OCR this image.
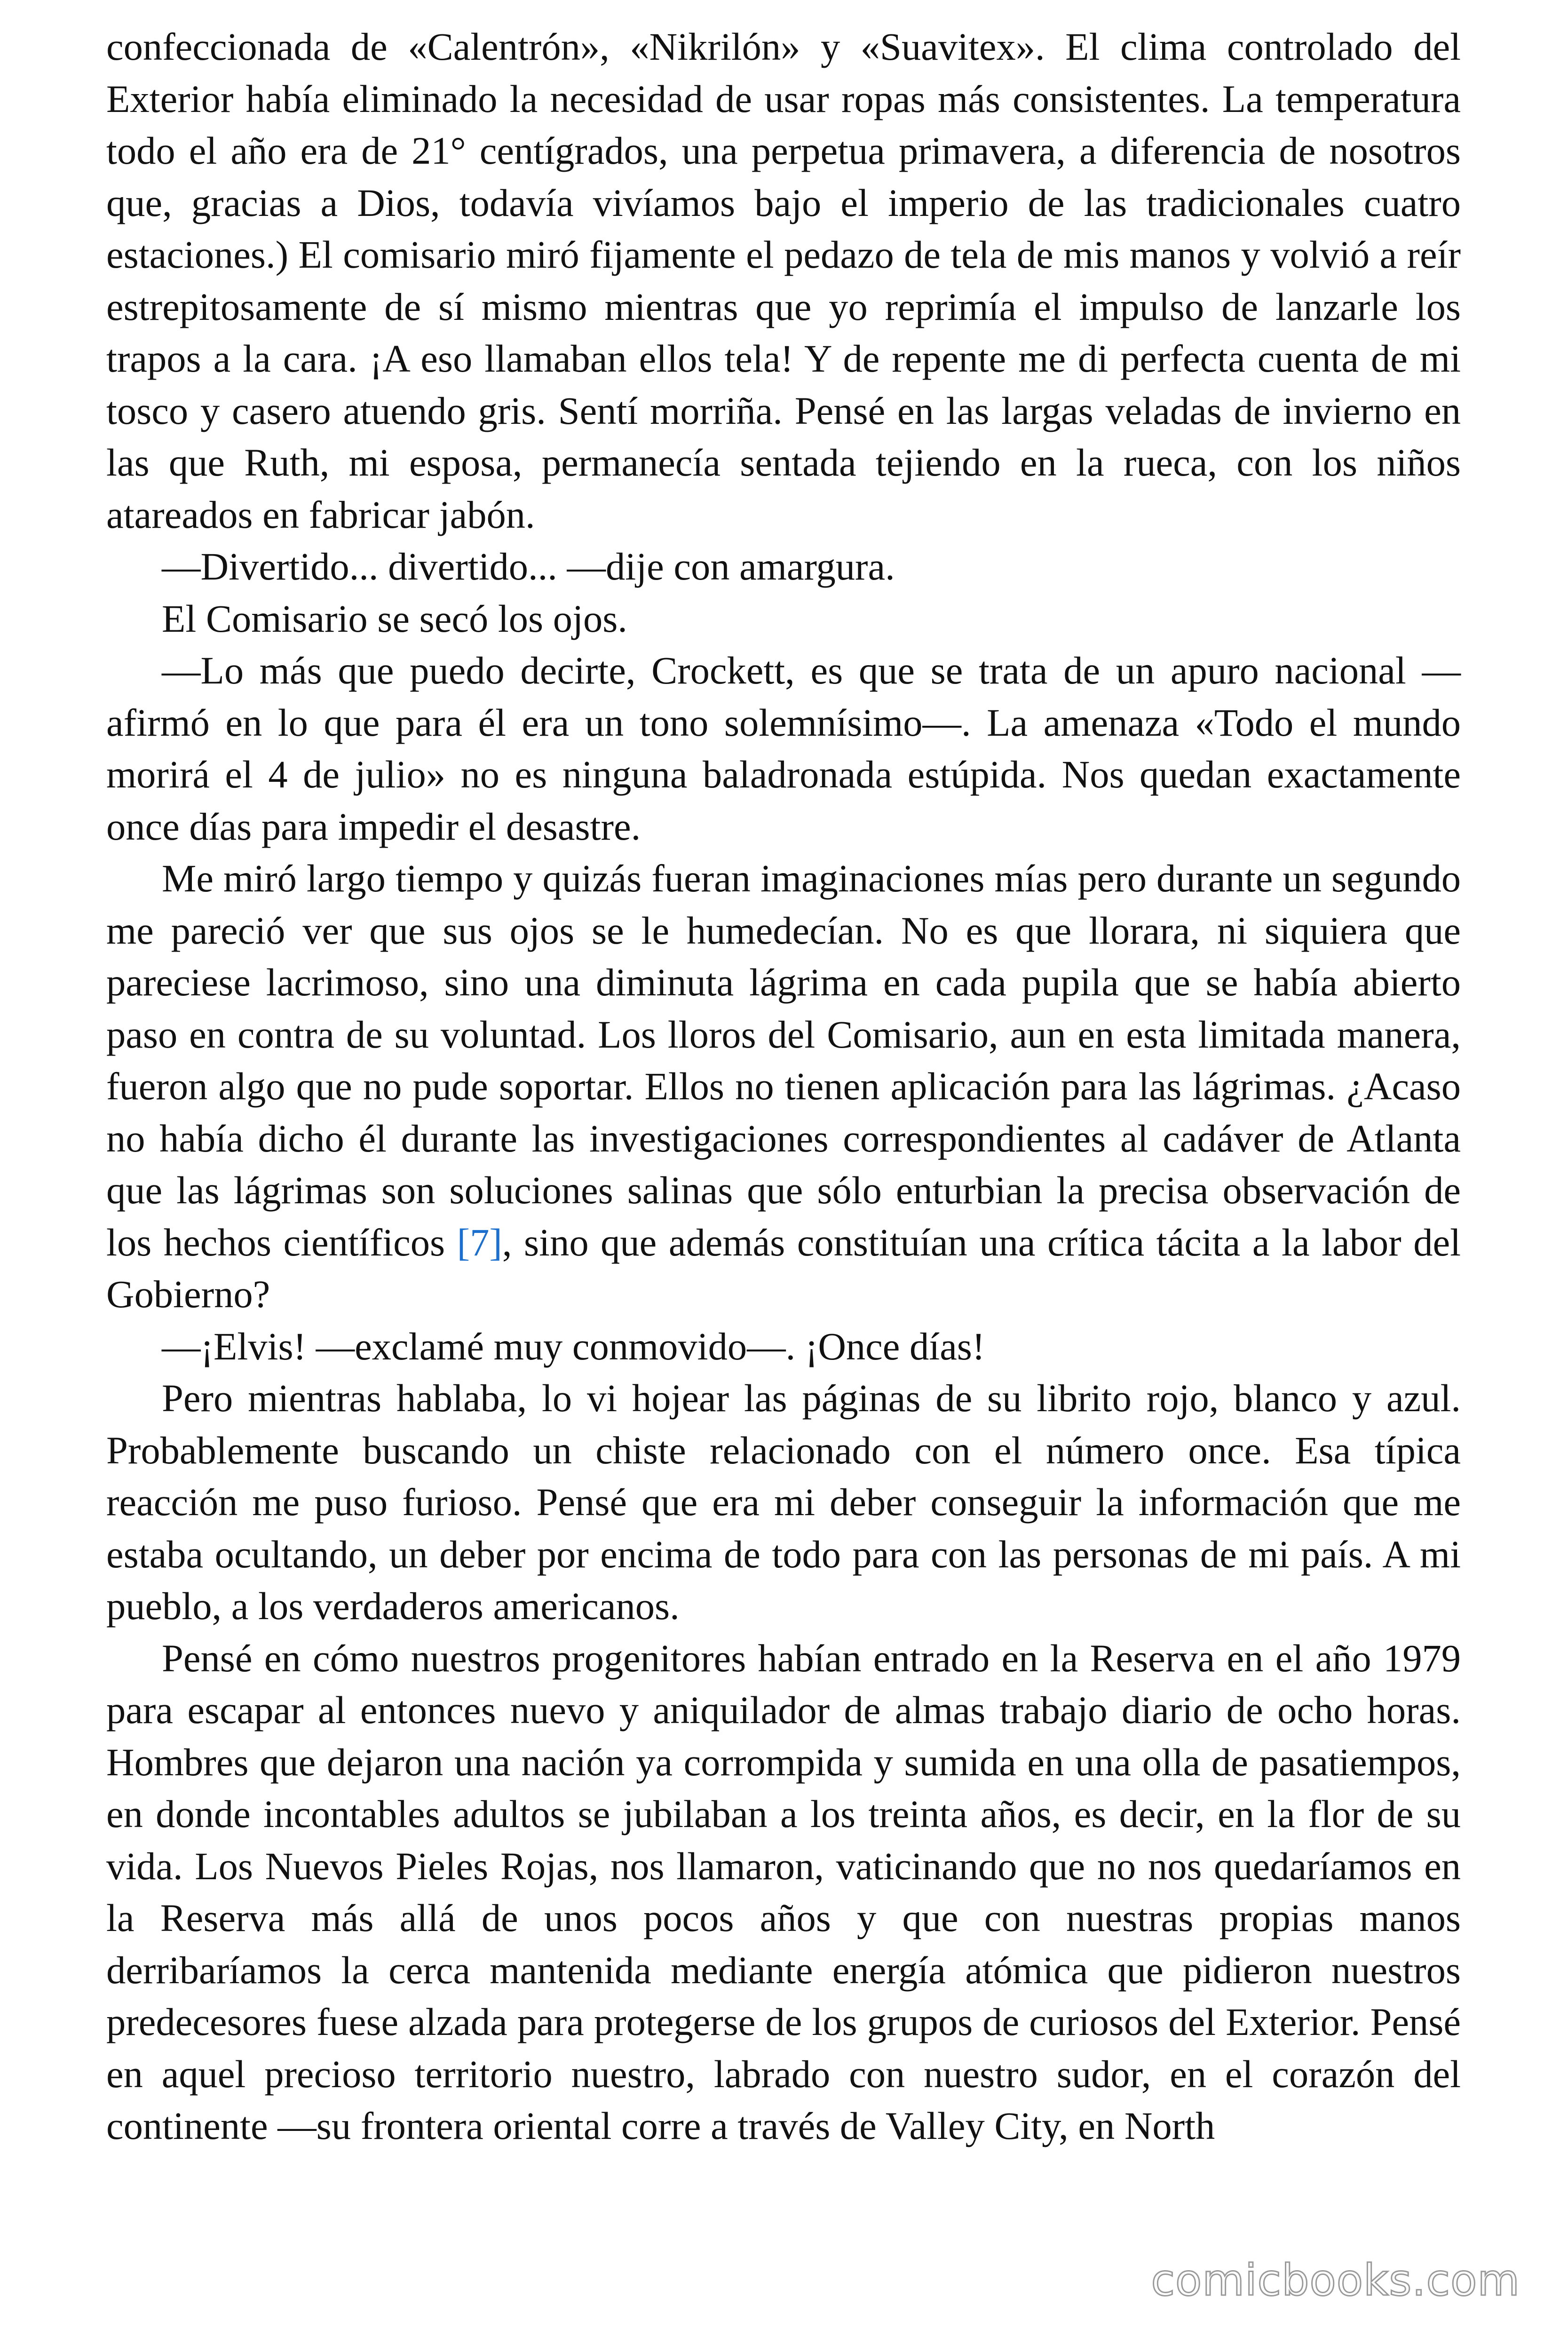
confeccionada de «Calentrón», «Nikrilón» y «Suavitex». El clima controlado del Exterior había eliminado la necesidad de usar ropas más consistentes. La temperatura todo el año era de 21° centígrados, una perpetua primavera, a diferencia de nosotros que, gracias a Dios, todavía vivíamos bajo el imperio de las tradicionales cuatro estaciones.) El comisario miró fijamente el pedazo de tela de mis manos y volvió a reír estrepitosamente de sí mismo mientras que yo reprimía el impulso de lanzarle los trapos a la cara. ¡A eso llamaban ellos tela! Y de repente me di perfecta cuenta de mi tosco y casero atuendo gris. Sentí morriña. Pensé en las largas veladas de invierno en las que Ruth, mi esposa, permanecía sentada tejiendo en la rueca, con los niños atareados en fabricar jabón.

—Divertido... divertido... —dije con amargura.

El Comisario se secó los ojos.

—Lo más que puedo decirte, Crockett, es que se trata de un apuro nacional —afirmó en lo que para él era un tono solemnísimo—. La amenaza «Todo el mundo morirá el 4 de julio» no es ninguna baladronada estúpida. Nos quedan exactamente once días para impedir el desastre.

Me miró largo tiempo y quizás fueran imaginaciones mías pero durante un segundo me pareció ver que sus ojos se le humedecían. No es que llorara, ni siquiera que pareciese lacrimoso, sino una diminuta lágrima en cada pupila que se había abierto paso en contra de su voluntad. Los lloros del Comisario, aun en esta limitada manera, fueron algo que no pude soportar. Ellos no tienen aplicación para las lágrimas. ¿Acaso no había dicho él durante las investigaciones correspondientes al cadáver de Atlanta que las lágrimas son soluciones salinas que sólo enturbian la precisa observación de los hechos científicos [7], sino que además constituían una crítica tácita a la labor del Gobierno?

—¡Elvis! —exclamé muy conmovido—. ¡Once días!

Pero mientras hablaba, lo vi hojear las páginas de su librito rojo, blanco y azul. Probablemente buscando un chiste relacionado con el número once. Esa típica reacción me puso furioso. Pensé que era mi deber conseguir la información que me estaba ocultando, un deber por encima de todo para con las personas de mi país. A mi pueblo, a los verdaderos americanos.

Pensé en cómo nuestros progenitores habían entrado en la Reserva en el año 1979 para escapar al entonces nuevo y aniquilador de almas trabajo diario de ocho horas. Hombres que dejaron una nación ya corrompida y sumida en una olla de pasatiempos, en donde incontables adultos se jubilaban a los treinta años, es decir, en la flor de su vida. Los Nuevos Pieles Rojas, nos llamaron, vaticinando que no nos quedaríamos en la Reserva más allá de unos pocos años y que con nuestras propias manos derribaríamos la cerca mantenida mediante energía atómica que pidieron nuestros predecesores fuese alzada para protegerse de los grupos de curiosos del Exterior. Pensé en aquel precioso territorio nuestro, labrado con nuestro sudor, en el corazón del continente —su frontera oriental corre a través de Valley City, en North

comicbooks.com
